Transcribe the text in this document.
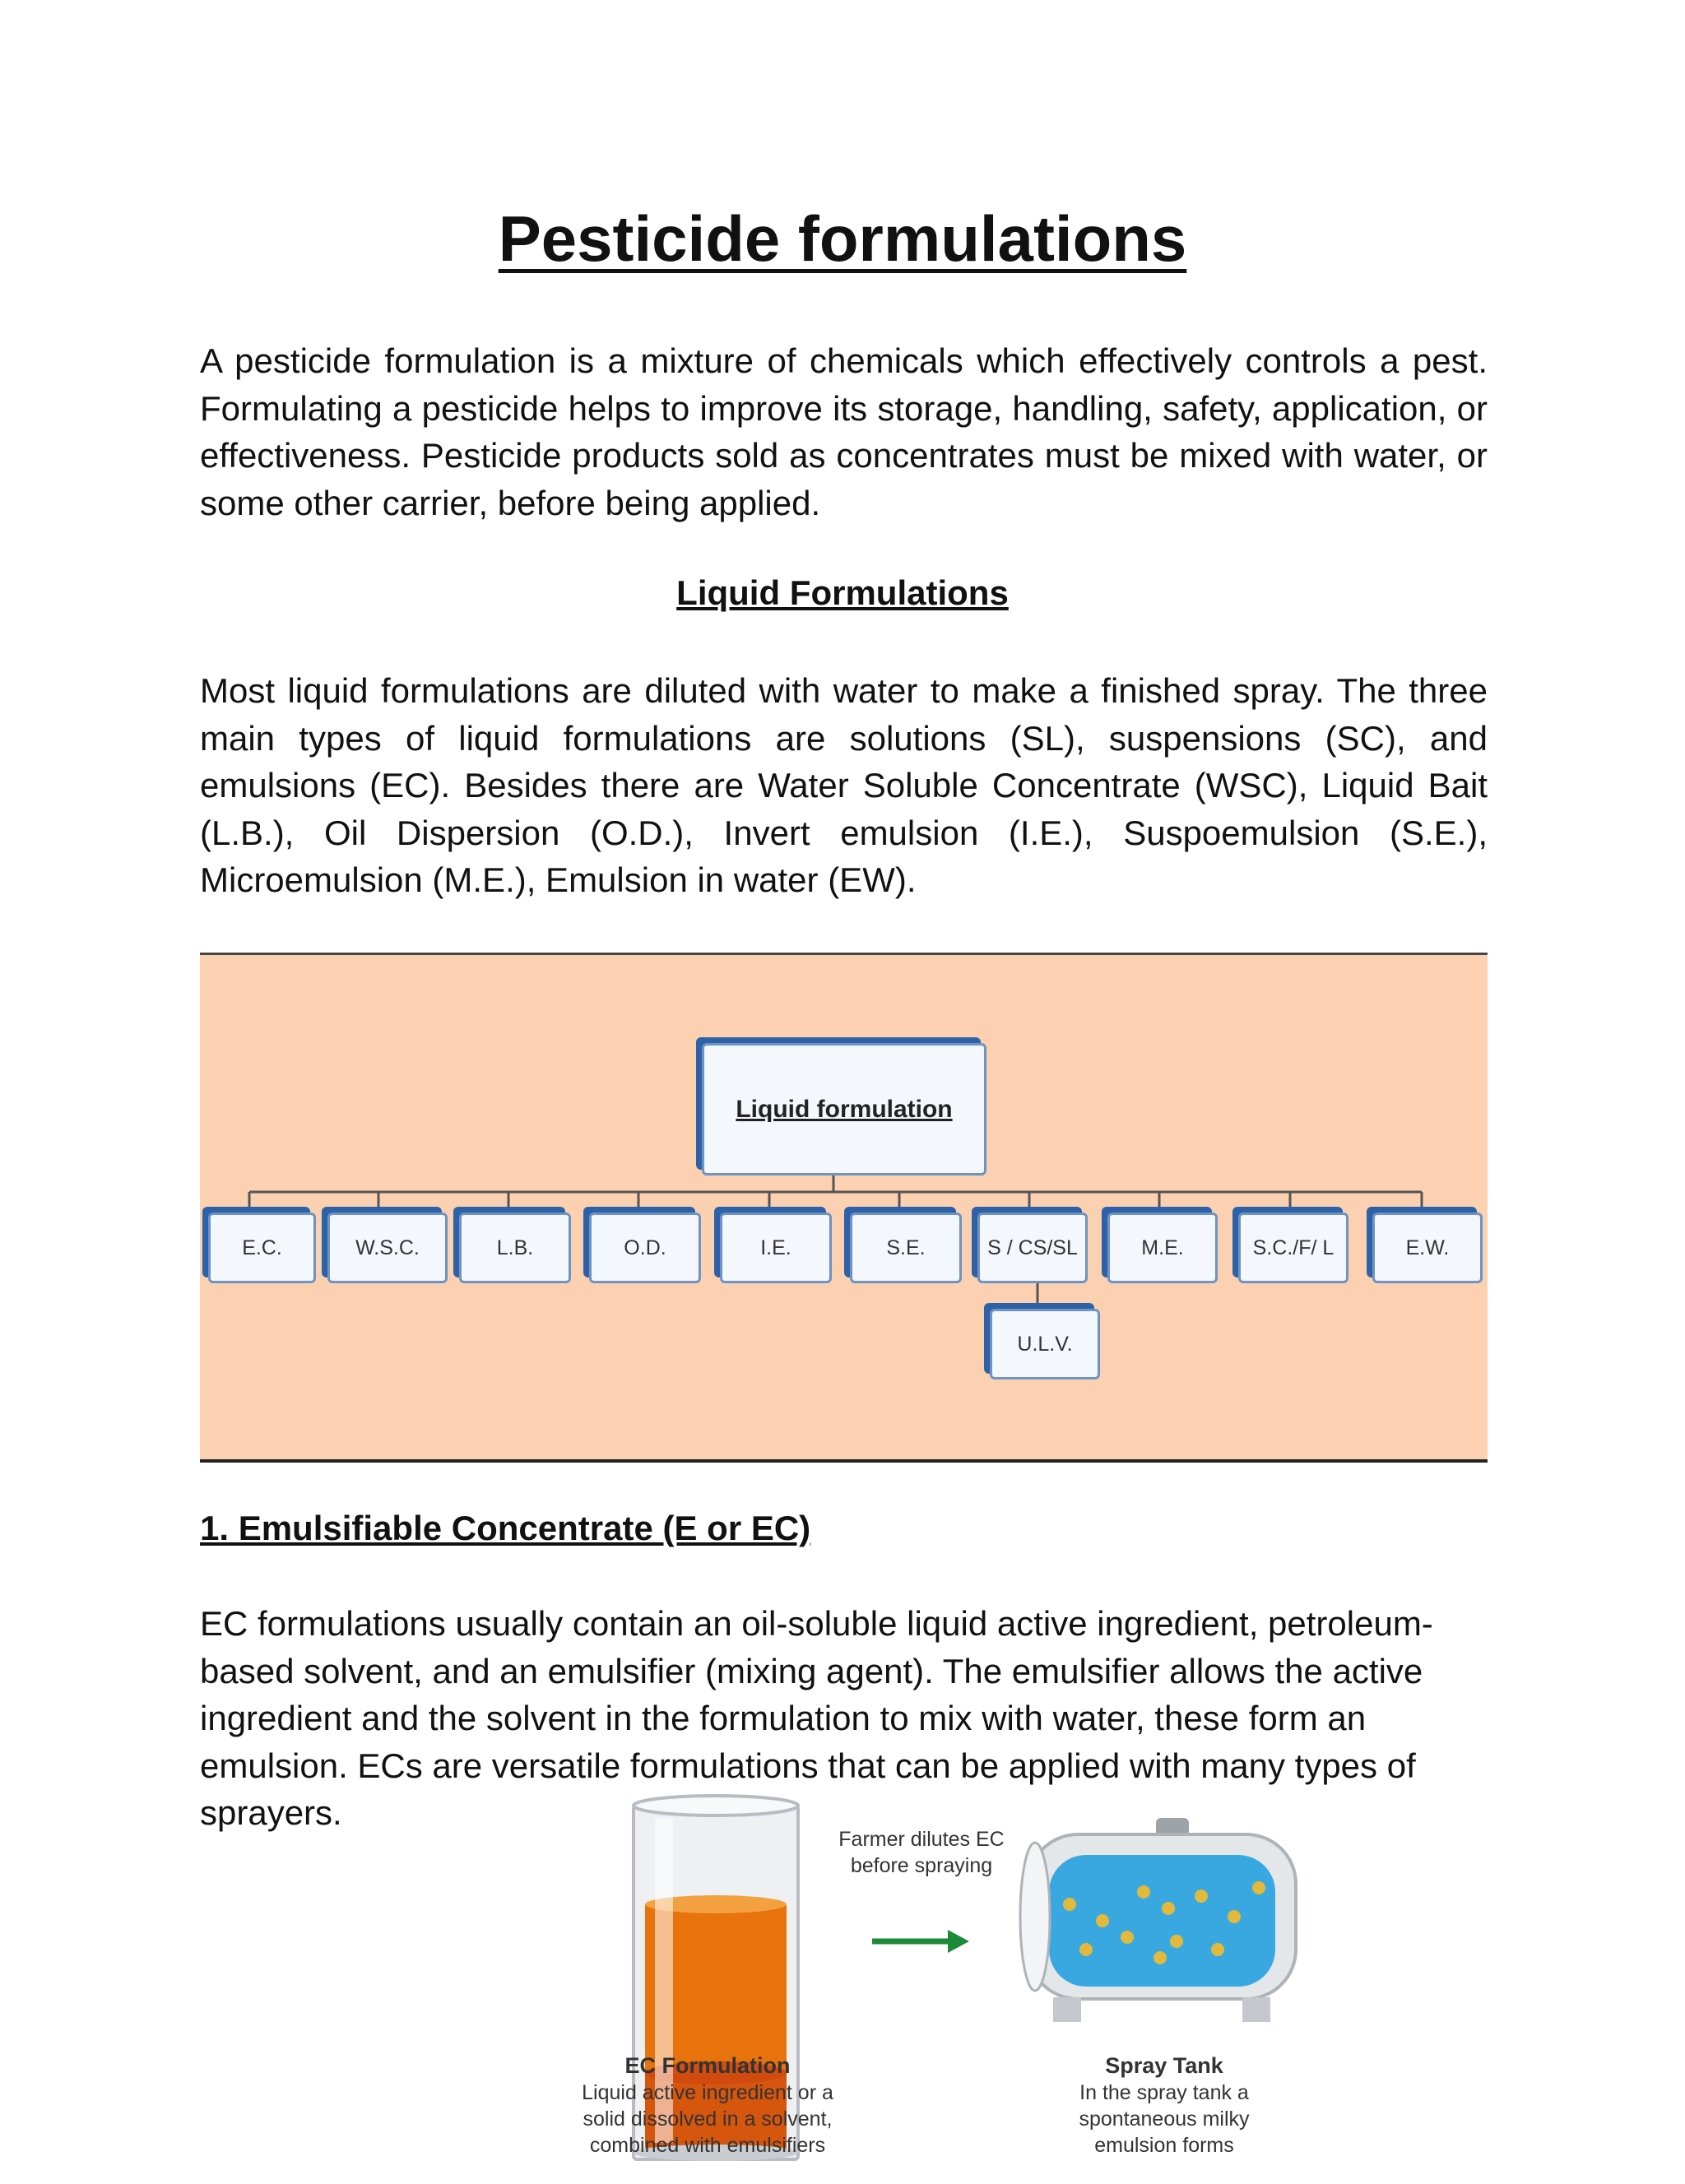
Pesticide formulations

A pesticide formulation is a mixture of chemicals which effectively controls a pest. Formulating a pesticide helps to improve its storage, handling, safety, application, or effectiveness. Pesticide products sold as concentrates must be mixed with water, or some other carrier, before being applied.

Liquid Formulations

Most liquid formulations are diluted with water to make a finished spray. The three main types of liquid formulations are solutions (SL), suspensions (SC), and emulsions (EC). Besides there are Water Soluble Concentrate (WSC), Liquid Bait (L.B.), Oil Dispersion (O.D.), Invert emulsion (I.E.), Suspoemulsion (S.E.), Microemulsion (M.E.), Emulsion in water (EW).

Liquid formulation
E.C.	W.S.C.	L.B.	O.D.	I.E.	S.E.	S / CS/SL	M.E.	S.C./F/ L	E.W.
U.L.V.
1. Emulsifiable Concentrate (E or EC)

EC formulations usually contain an oil-soluble liquid active ingredient, petroleum-based solvent, and an emulsifier (mixing agent). The emulsifier allows the active ingredient and the solvent in the formulation to mix with water, these form an emulsion. ECs are versatile formulations that can be applied with many types of sprayers.

Farmer dilutes EC before spraying
EC Formulation
Liquid active ingredient or a solid dissolved in a solvent, combined with emulsifiers
Spray Tank
In the spray tank a spontaneous milky emulsion forms
